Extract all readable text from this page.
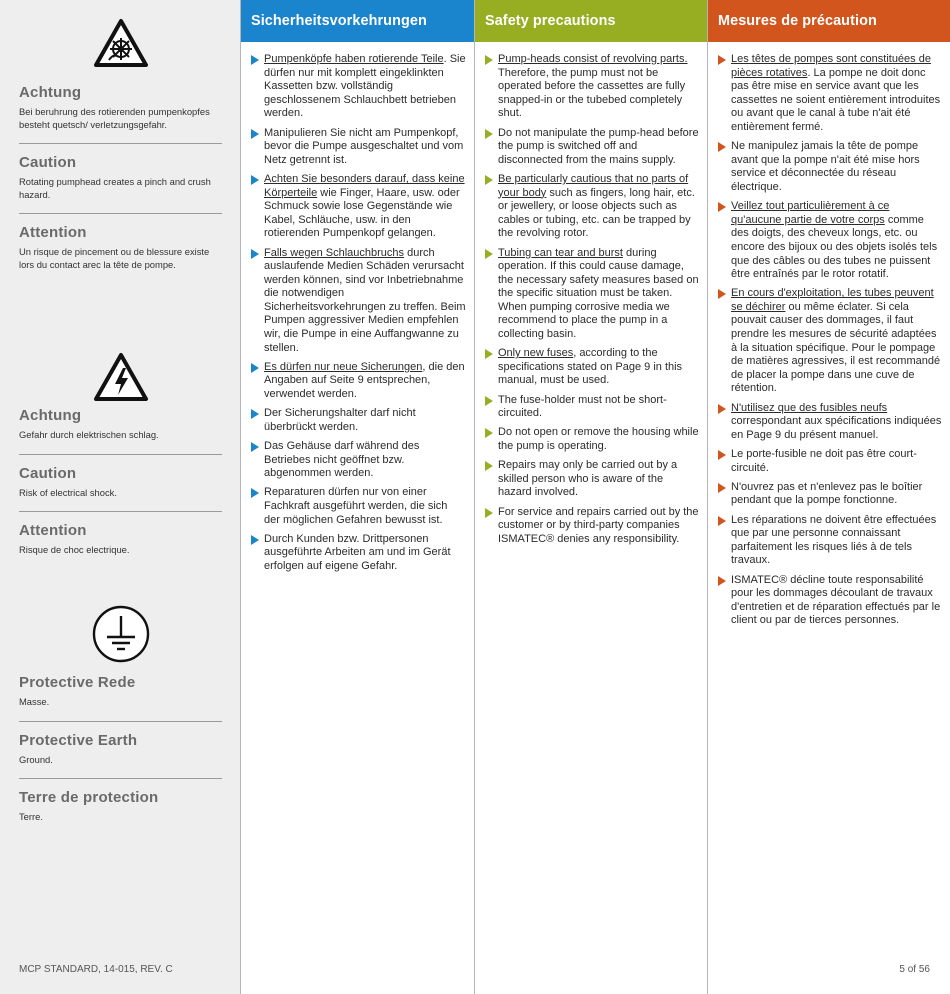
Achtung

Bei beruhrung des rotierenden pumpenkopfes besteht quetsch/ verletzungsgefahr.

Caution

Rotating pumphead creates a pinch and crush hazard.

Attention

Un risque de pincement ou de blessure existe lors du contact arec la tête de pompe.

Achtung

Gefahr durch elektrischen schlag.

Caution

Risk of electrical shock.

Attention

Risque de choc electrique.

Protective Rede

Masse.

Protective Earth

Ground.

Terre de protection

Terre.

MCP STANDARD, 14-015, REV. C
Sicherheitsvorkehrungen
Pumpenköpfe haben rotierende Teile. Sie dürfen nur mit komplett eingeklinkten Kassetten bzw. vollständig geschlossenem Schlauchbett betrieben werden.
Manipulieren Sie nicht am Pumpenkopf, bevor die Pumpe ausgeschaltet und vom Netz getrennt ist.
Achten Sie besonders darauf, dass keine Körperteile wie Finger, Haare, usw. oder Schmuck sowie lose Gegenstände wie Kabel, Schläuche, usw. in den rotierenden Pumpenkopf gelangen.
Falls wegen Schlauchbruchs durch auslaufende Medien Schäden verursacht werden können, sind vor Inbetriebnahme die notwendigen Sicherheitsvorkehrungen zu treffen. Beim Pumpen aggressiver Medien empfehlen wir, die Pumpe in eine Auffangwanne zu stellen.
Es dürfen nur neue Sicherungen, die den Angaben auf Seite 9 entsprechen, verwendet werden.
Der Sicherungshalter darf nicht überbrückt werden.
Das Gehäuse darf während des Betriebes nicht geöffnet bzw. abgenommen werden.
Reparaturen dürfen nur von einer Fachkraft ausgeführt werden, die sich der möglichen Gefahren bewusst ist.
Durch Kunden bzw. Drittpersonen ausgeführte Arbeiten am und im Gerät erfolgen auf eigene Gefahr.
Safety precautions
Pump-heads consist of revolving parts. Therefore, the pump must not be operated before the cassettes are fully snapped-in or the tubebed completely shut.
Do not manipulate the pump-head before the pump is switched off and disconnected from the mains supply.
Be particularly cautious that no parts of your body such as fingers, long hair, etc. or jewellery, or loose objects such as cables or tubing, etc. can be trapped by the revolving rotor.
Tubing can tear and burst during operation. If this could cause damage, the necessary safety measures based on the specific situation must be taken. When pumping corrosive media we recommend to place the pump in a collecting basin.
Only new fuses, according to the specifications stated on Page 9 in this manual, must be used.
The fuse-holder must not be short-circuited.
Do not open or remove the housing while the pump is operating.
Repairs may only be carried out by a skilled person who is aware of the hazard involved.
For service and repairs carried out by the customer or by third-party companies ISMATEC® denies any responsibility.
Mesures de précaution
Les têtes de pompes sont constituées de pièces rotatives. La pompe ne doit donc pas être mise en service avant que les cassettes ne soient entièrement introduites ou avant que le canal à tube n'ait été entièrement fermé.
Ne manipulez jamais la tête de pompe avant que la pompe n'ait été mise hors service et déconnectée du réseau électrique.
Veillez tout particulièrement à ce qu'aucune partie de votre corps comme des doigts, des cheveux longs, etc. ou encore des bijoux ou des objets isolés tels que des câbles ou des tubes ne puissent être entraînés par le rotor rotatif.
En cours d'exploitation, les tubes peuvent se déchirer ou même éclater. Si cela pouvait causer des dommages, il faut prendre les mesures de sécurité adaptées à la situation spécifique. Pour le pompage de matières agressives, il est recommandé de placer la pompe dans une cuve de rétention.
N'utilisez que des fusibles neufs correspondant aux spécifications indiquées en Page 9 du présent manuel.
Le porte-fusible ne doit pas être court-circuité.
N'ouvrez pas et n'enlevez pas le boîtier pendant que la pompe fonctionne.
Les réparations ne doivent être effectuées que par une personne connaissant parfaitement les risques liés à de tels travaux.
ISMATEC® décline toute responsabilité pour les dommages découlant de travaux d'entretien et de réparation effectués par le client ou par de tierces personnes.
5 of 56
